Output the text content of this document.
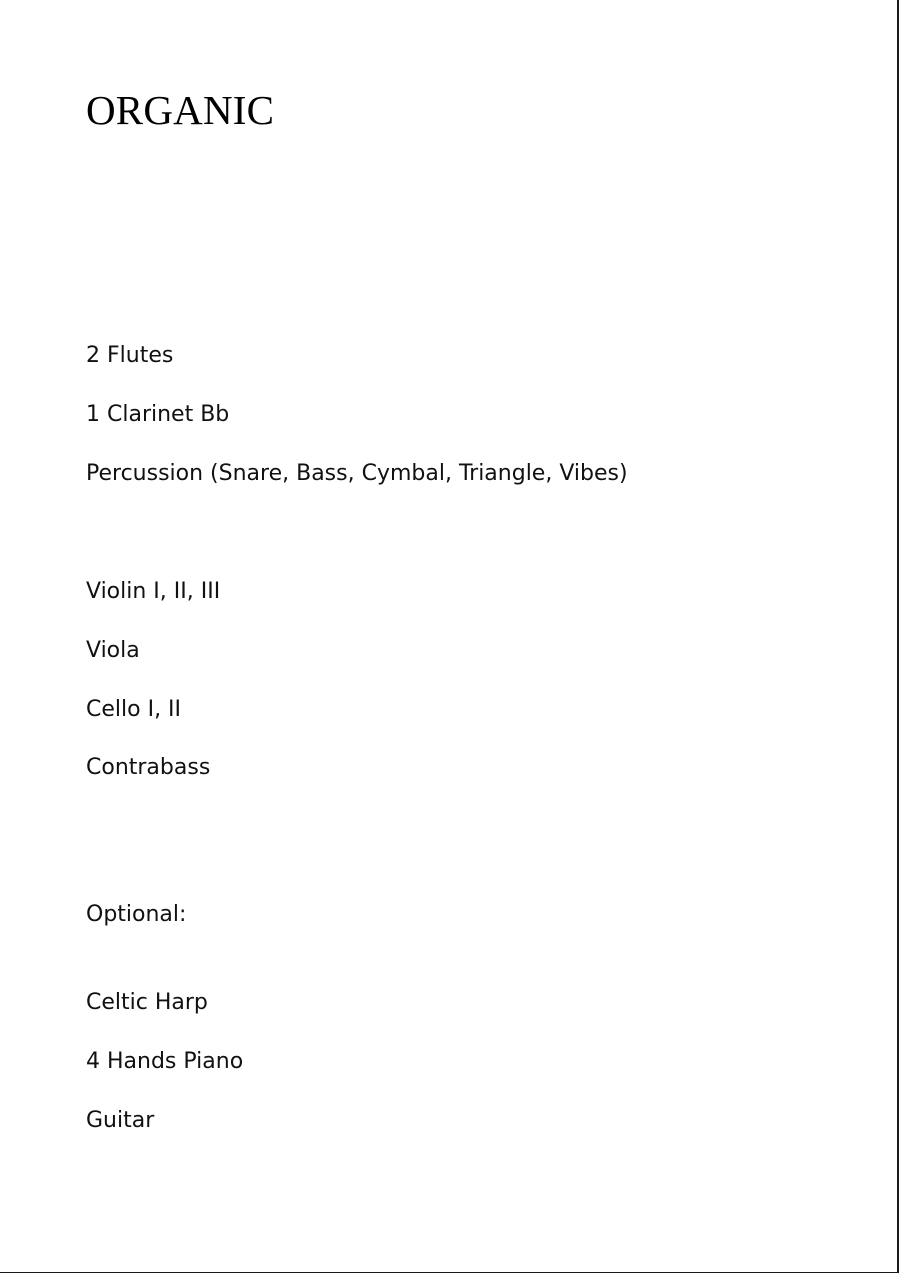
ORGANIC

2 Flutes

1 Clarinet Bb

Percussion (Snare, Bass, Cymbal, Triangle, Vibes)

Violin I, II, III

Viola

Cello I, II

Contrabass

Optional:

Celtic Harp

4 Hands Piano

Guitar
